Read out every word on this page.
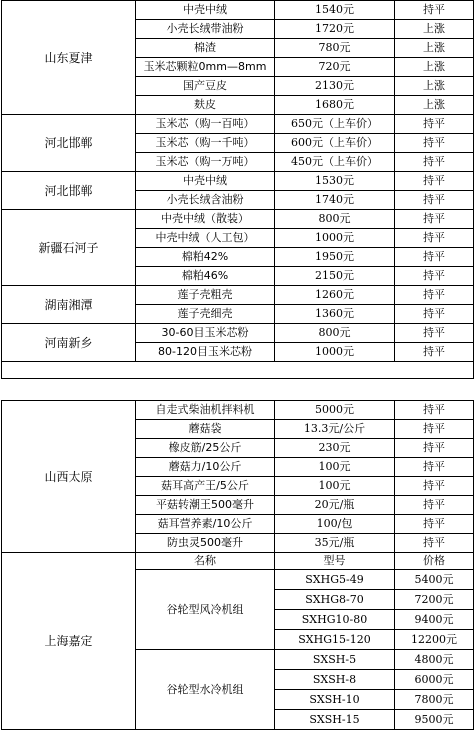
山东夏津	中壳中绒	1540元	持平
	小壳长绒带油粉	1720元	上涨
	棉渣	780元	上涨
	玉米芯颗粒0mm—8mm	720元	上涨
	国产豆皮	2130元	上涨
	麸皮	1680元	上涨
河北邯郸	玉米芯（购一百吨）	650元（上车价）	持平
	玉米芯（购一千吨）	600元（上车价）	持平
	玉米芯（购一万吨）	450元（上车价）	持平
河北邯郸	中壳中绒	1530元	持平
	小壳长绒含油粉	1740元	持平
新疆石河子	中壳中绒（散装）	800元	持平
	中壳中绒（人工包）	1000元	持平
	棉粕42%	1950元	持平
	棉粕46%	2150元	持平
湖南湘潭	莲子壳粗壳	1260元	持平
	莲子壳细壳	1360元	持平
河南新乡	30-60目玉米芯粉	800元	持平
	80-120目玉米芯粉	1000元	持平

山西太原	自走式柴油机拌料机	5000元	持平
	蘑菇袋	13.3元/公斤	持平
	橡皮筋/25公斤	230元	持平
	蘑菇力/10公斤	100元	持平
	菇耳高产王/5公斤	100元	持平
	平菇转潮王500毫升	20元/瓶	持平
	菇耳营养素/10公斤	100/包	持平
	防虫灵500毫升	35元/瓶	持平
上海嘉定	名称	型号	价格
	谷轮型风冷机组	SXHG5-49	5400元
		SXHG8-70	7200元
		SXHG10-80	9400元
		SXHG15-120	12200元
	谷轮型水冷机组	SXSH-5	4800元
		SXSH-8	6000元
		SXSH-10	7800元
		SXSH-15	9500元
